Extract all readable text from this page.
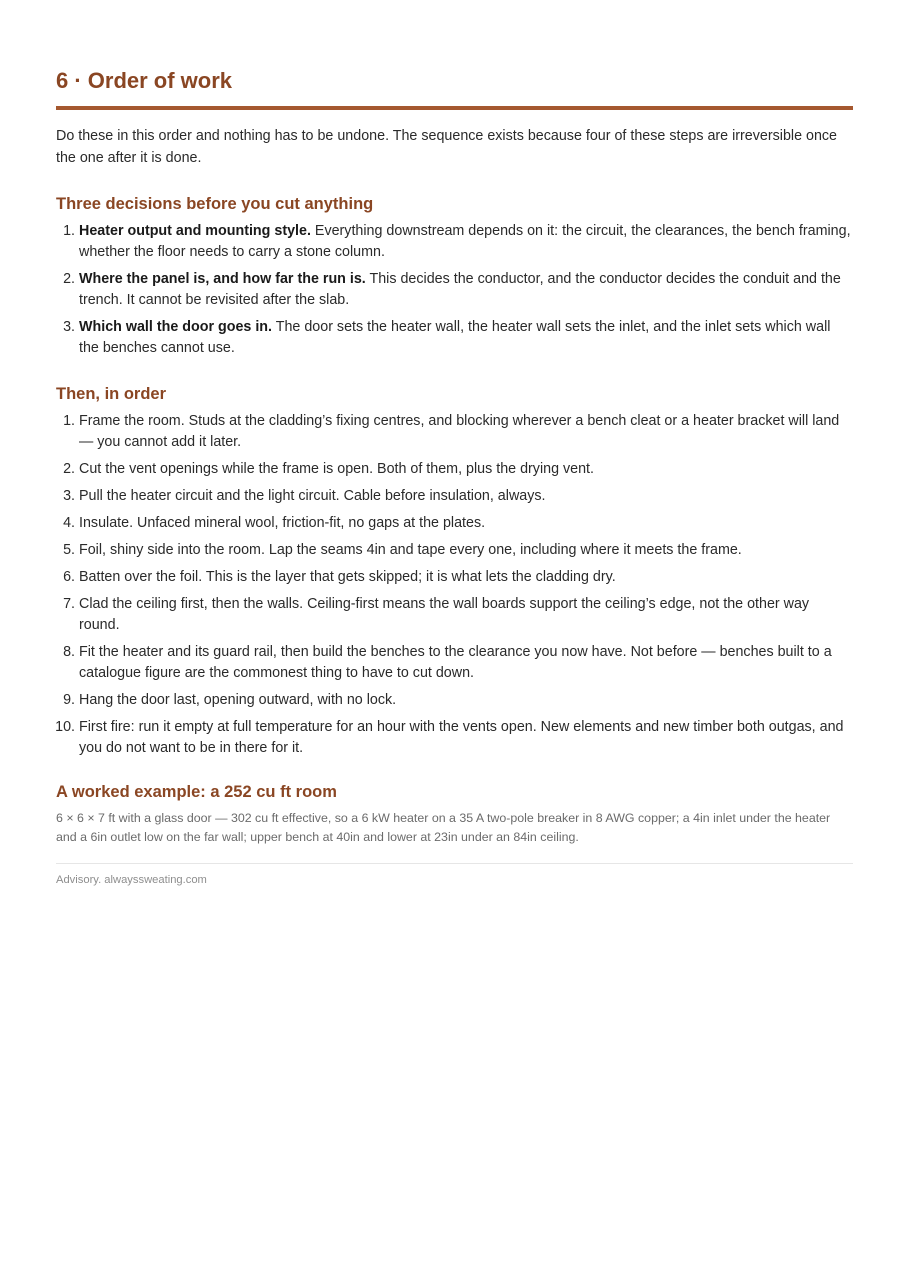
6 · Order of work

Do these in this order and nothing has to be undone. The sequence exists because four of these steps are irreversible once the one after it is done.

Three decisions before you cut anything
1. Heater output and mounting style. Everything downstream depends on it: the circuit, the clearances, the bench framing, whether the floor needs to carry a stone column.
2. Where the panel is, and how far the run is. This decides the conductor, and the conductor decides the conduit and the trench. It cannot be revisited after the slab.
3. Which wall the door goes in. The door sets the heater wall, the heater wall sets the inlet, and the inlet sets which wall the benches cannot use.
Then, in order
1. Frame the room. Studs at the cladding’s fixing centres, and blocking wherever a bench cleat or a heater bracket will land — you cannot add it later.
2. Cut the vent openings while the frame is open. Both of them, plus the drying vent.
3. Pull the heater circuit and the light circuit. Cable before insulation, always.
4. Insulate. Unfaced mineral wool, friction-fit, no gaps at the plates.
5. Foil, shiny side into the room. Lap the seams 4in and tape every one, including where it meets the frame.
6. Batten over the foil. This is the layer that gets skipped; it is what lets the cladding dry.
7. Clad the ceiling first, then the walls. Ceiling-first means the wall boards support the ceiling’s edge, not the other way round.
8. Fit the heater and its guard rail, then build the benches to the clearance you now have. Not before — benches built to a catalogue figure are the commonest thing to have to cut down.
9. Hang the door last, opening outward, with no lock.
10. First fire: run it empty at full temperature for an hour with the vents open. New elements and new timber both outgas, and you do not want to be in there for it.
A worked example: a 252 cu ft room

6 × 6 × 7 ft with a glass door — 302 cu ft effective, so a 6 kW heater on a 35 A two-pole breaker in 8 AWG copper; a 4in inlet under the heater and a 6in outlet low on the far wall; upper bench at 40in and lower at 23in under an 84in ceiling.

Advisory. alwayssweating.com
